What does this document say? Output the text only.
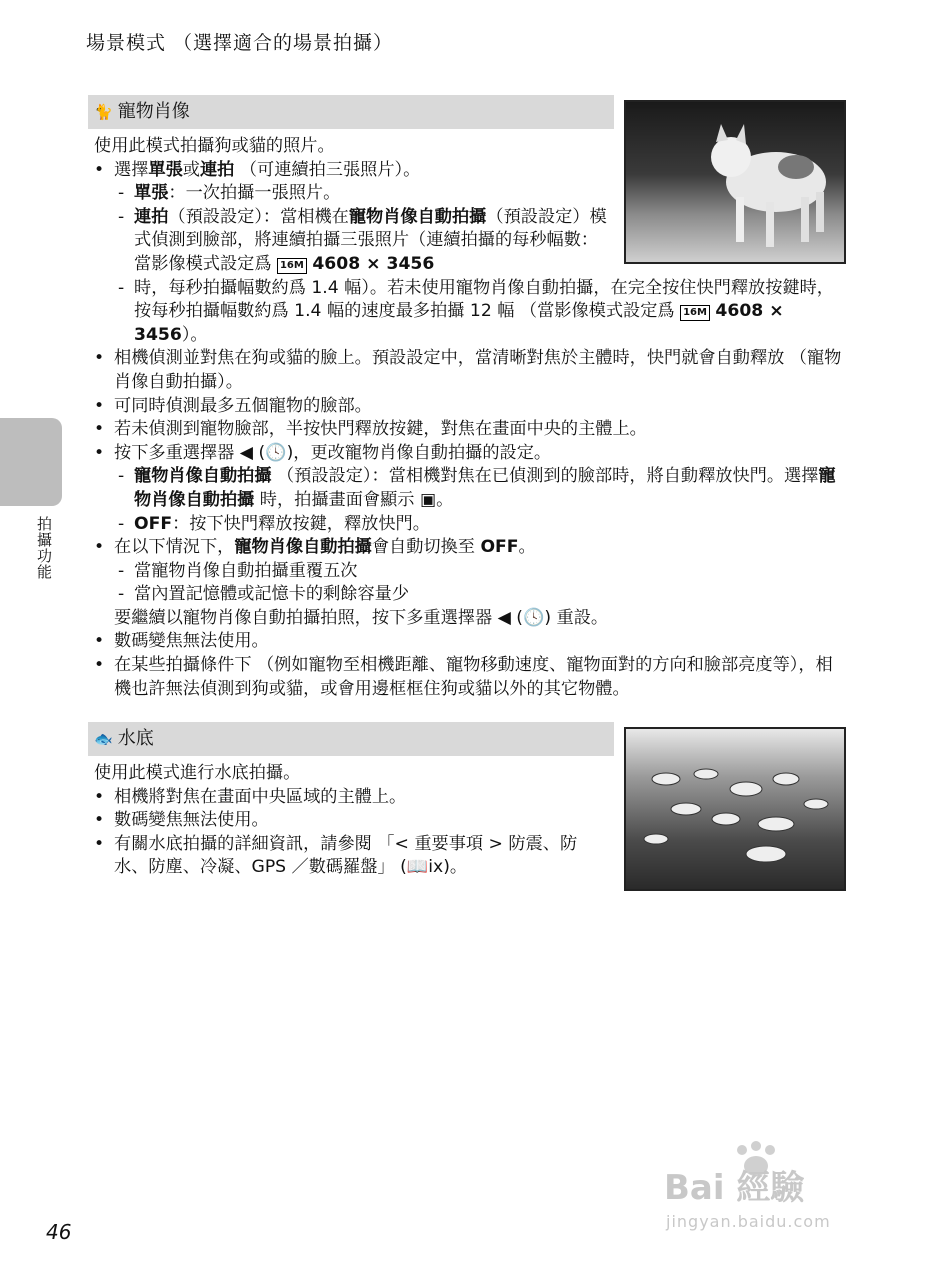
場景模式 （選擇適合的場景拍攝）
拍攝功能
🐈 寵物肖像

使用此模式拍攝狗或貓的照片。

• 選擇單張或連拍 （可連續拍三張照片）。
- 單張：一次拍攝一張照片。
- 連拍（預設設定）：當相機在寵物肖像自動拍攝（預設設定）模式偵測到臉部，將連續拍攝三張照片（連續拍攝的每秒幅數：當影像模式設定爲 16M 4608 × 3456
- 時，每秒拍攝幅數約爲 1.4 幅）。若未使用寵物肖像自動拍攝，在完全按住快門釋放按鍵時，按每秒拍攝幅數約爲 1.4 幅的速度最多拍攝 12 幅 （當影像模式設定爲 16M 4608 × 3456）。
• 相機偵測並對焦在狗或貓的臉上。預設設定中，當清晰對焦於主體時，快門就會自動釋放 （寵物肖像自動拍攝）。
• 可同時偵測最多五個寵物的臉部。
• 若未偵測到寵物臉部，半按快門釋放按鍵，對焦在畫面中央的主體上。
• 按下多重選擇器 ◀ (🕓)，更改寵物肖像自動拍攝的設定。
- 寵物肖像自動拍攝 （預設設定）：當相機對焦在已偵測到的臉部時，將自動釋放快門。選擇寵物肖像自動拍攝 時，拍攝畫面會顯示 ▣。
- OFF：按下快門釋放按鍵，釋放快門。
• 在以下情況下，寵物肖像自動拍攝會自動切換至 OFF。
- 當寵物肖像自動拍攝重覆五次
- 當內置記憶體或記憶卡的剩餘容量少
要繼續以寵物肖像自動拍攝拍照，按下多重選擇器 ◀ (🕓) 重設。
• 數碼變焦無法使用。
• 在某些拍攝條件下 （例如寵物至相機距離、寵物移動速度、寵物面對的方向和臉部亮度等），相機也許無法偵測到狗或貓，或會用邊框框住狗或貓以外的其它物體。
🐟 水底

使用此模式進行水底拍攝。

• 相機將對焦在畫面中央區域的主體上。
• 數碼變焦無法使用。
• 有關水底拍攝的詳細資訊，請參閱 「< 重要事項 > 防震、防水、防塵、冷凝、GPS ／數碼羅盤」 (📖ix)。
Bai 經驗
jingyan.baidu.com
46
